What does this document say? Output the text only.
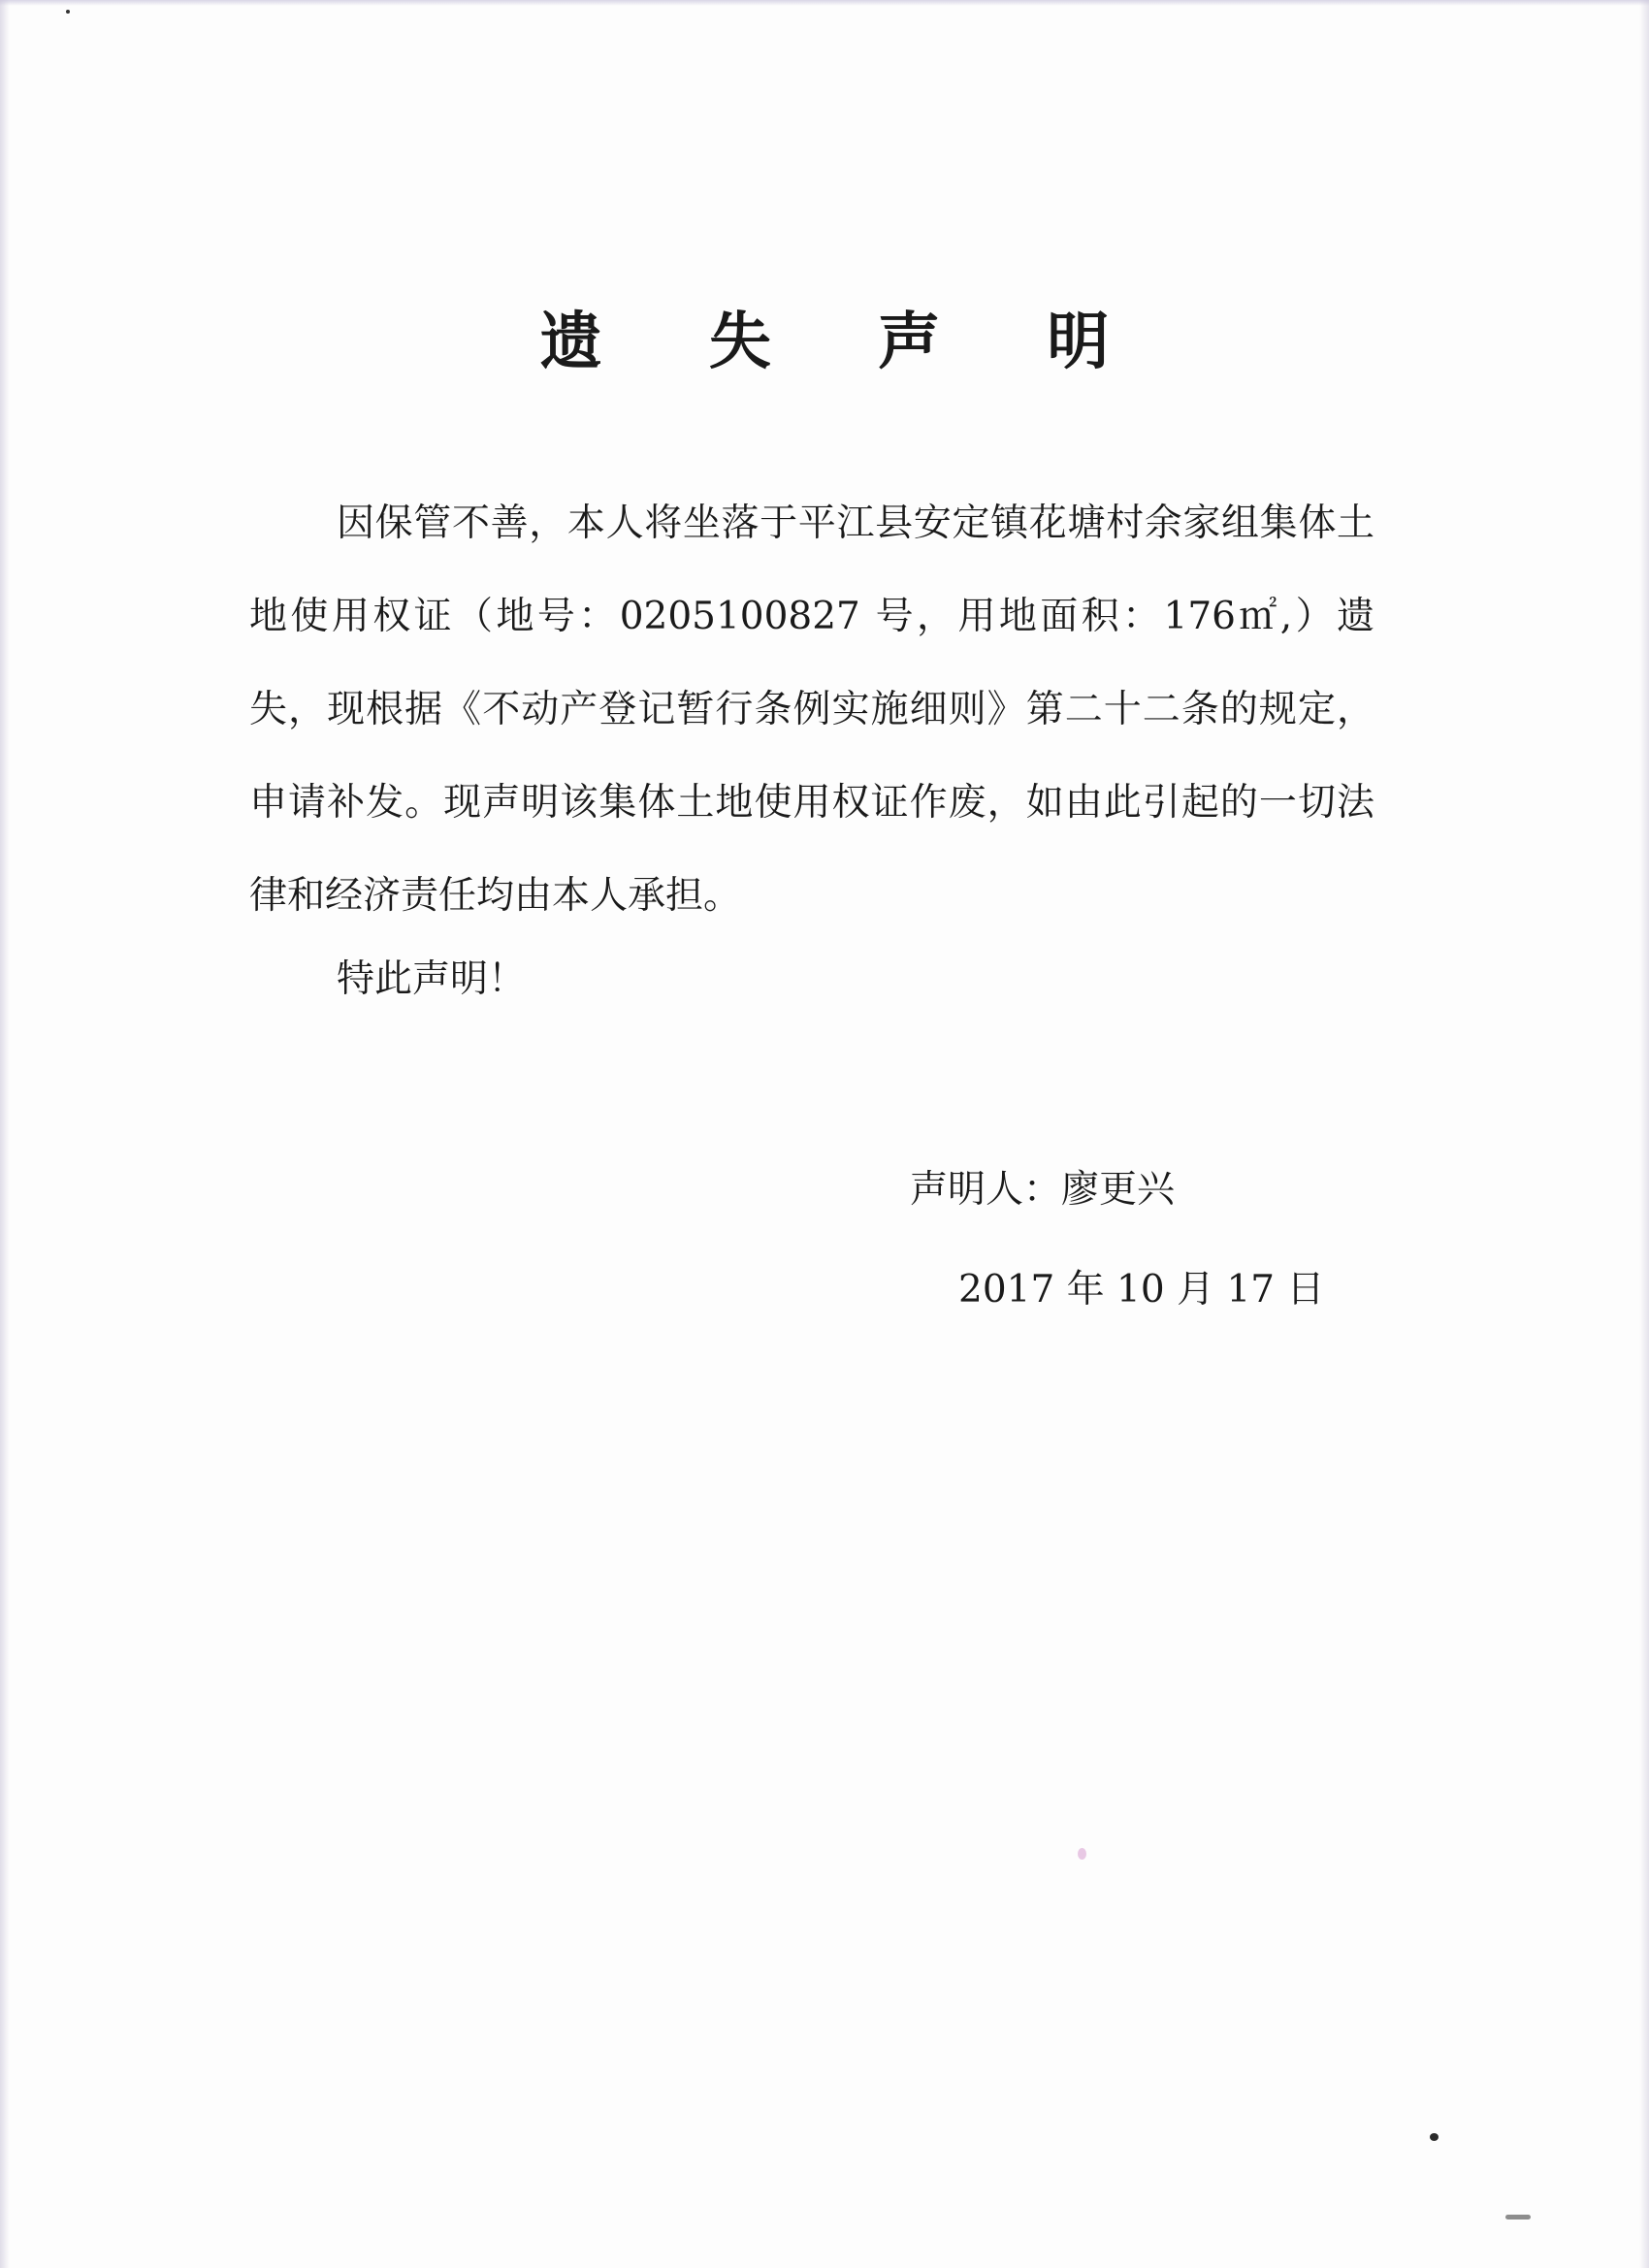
遗 失 声 明

因保管不善，本人将坐落于平江县安定镇花塘村余家组集体土地使用权证（地号：0205100827 号，用地面积：176㎡,）遗失，现根据《不动产登记暂行条例实施细则》第二十二条的规定，申请补发。现声明该集体土地使用权证作废，如由此引起的一切法律和经济责任均由本人承担。

特此声明！

声明人：廖更兴

2017 年 10 月 17 日
